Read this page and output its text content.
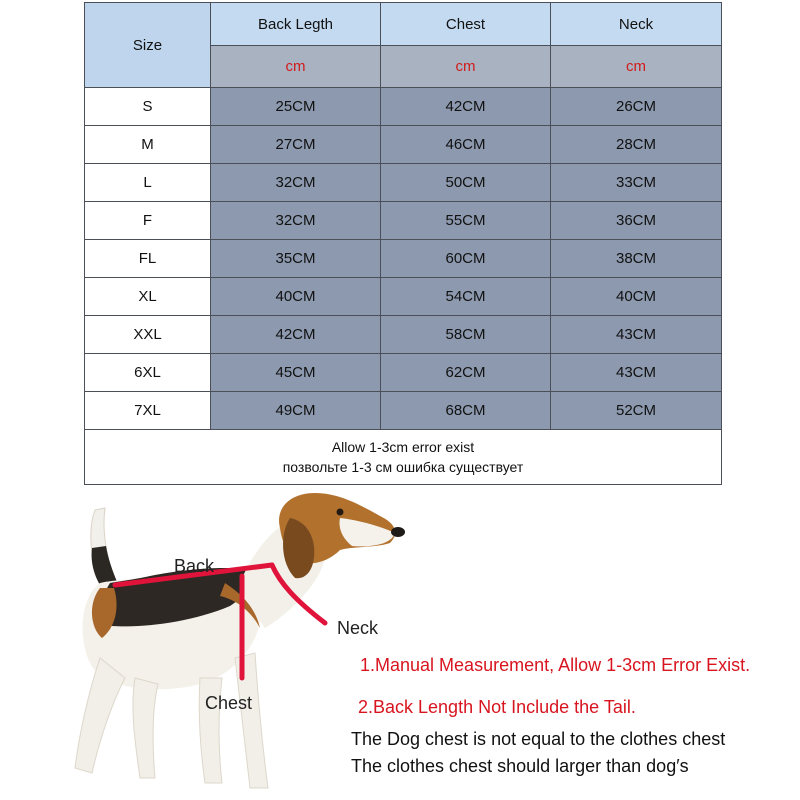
Size	Back Legth	Chest	Neck
	cm	cm	cm
S	25CM	42CM	26CM
M	27CM	46CM	28CM
L	32CM	50CM	33CM
F	32CM	55CM	36CM
FL	35CM	60CM	38CM
XL	40CM	54CM	40CM
XXL	42CM	58CM	43CM
6XL	45CM	62CM	43CM
7XL	49CM	68CM	52CM

Allow 1-3cm error exist
позвольте 1-3 см ошибка существует			
Back
Neck
Chest
1.Manual Measurement, Allow 1-3cm Error Exist.
2.Back Length Not Include the Tail.
The Dog chest is not equal to the clothes chest
The clothes chest should larger than dog′s
